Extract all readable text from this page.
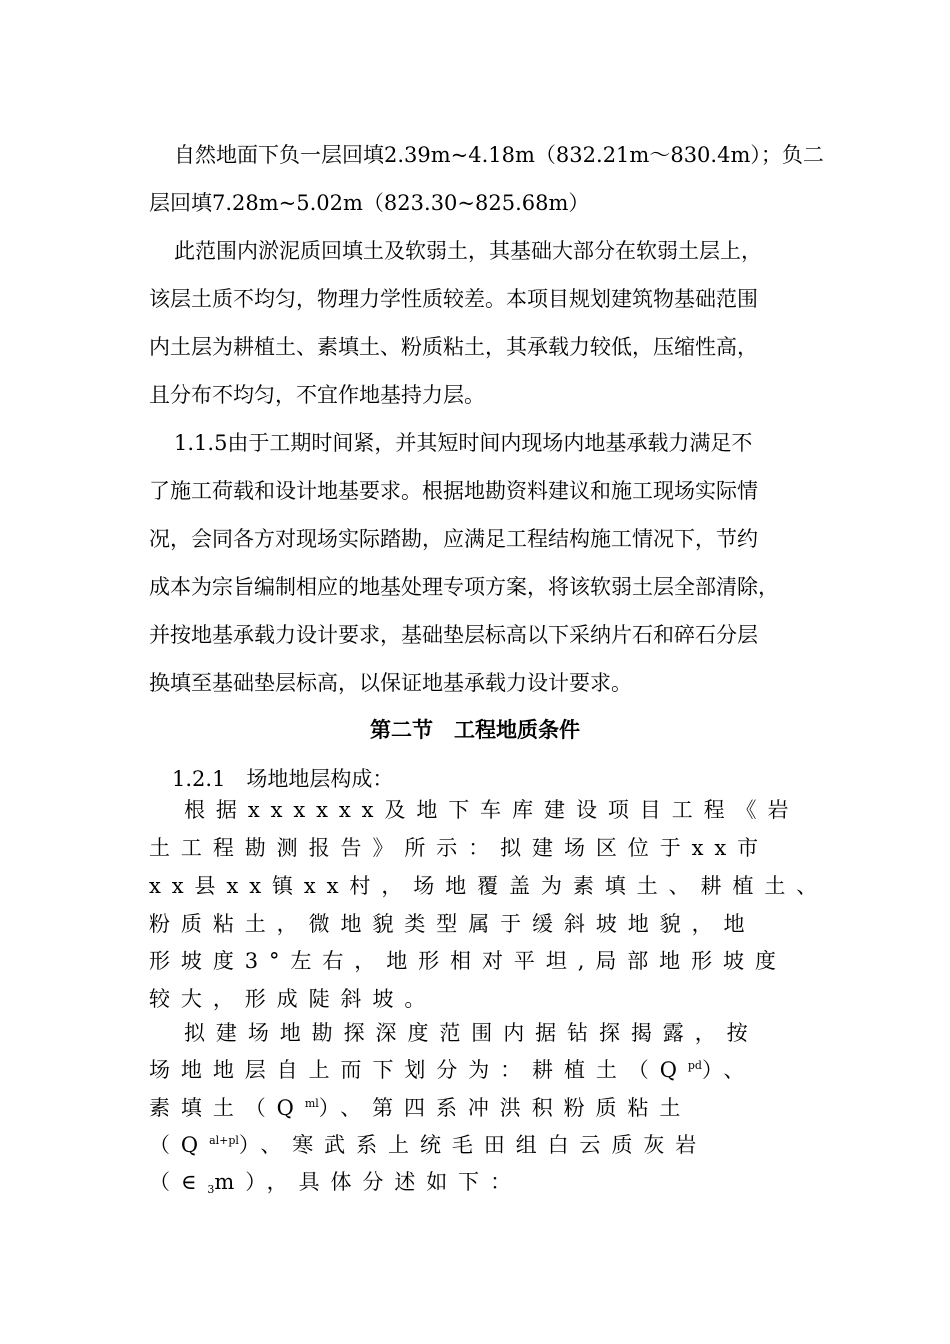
自然地面下负一层回填2.39m~4.18m（832.21m～830.4m）；负二
层回填7.28m~5.02m（823.30~825.68m）
此范围内淤泥质回填土及软弱土，其基础大部分在软弱土层上，
该层土质不均匀，物理力学性质较差。本项目规划建筑物基础范围
内土层为耕植土、素填土、粉质粘土，其承载力较低，压缩性高，
且分布不均匀，不宜作地基持力层。
1.1.5由于工期时间紧，并其短时间内现场内地基承载力满足不
了施工荷载和设计地基要求。根据地勘资料建议和施工现场实际情
况，会同各方对现场实际踏勘，应满足工程结构施工情况下，节约
成本为宗旨编制相应的地基处理专项方案，将该软弱土层全部清除，
并按地基承载力设计要求，基础垫层标高以下采纳片石和碎石分层
换填至基础垫层标高，以保证地基承载力设计要求。
第二节　工程地质条件
1.2.1　场地地层构成：
根据xxxxxx及地下车库建设项目工程《岩
土工程勘测报告》所示：拟建场区位于xx市
xx县xx镇xx村，场地覆盖为素填土、耕植土、
粉质粘土，微地貌类型属于缓斜坡地貌，地
形坡度3°左右，地形相对平坦,局部地形坡度
较大，形成陡斜坡。
拟建场地勘探深度范围内据钻探揭露，按
场地地层自上而下划分为：耕植土$(Q^{pd})$、
素填土$(Q^{ml})$、第四系冲洪积粉质粘土
$(Q^{al+pl})$、寒武系上统毛田组白云质灰岩
$(\in_3m)$，具体分述如下：
